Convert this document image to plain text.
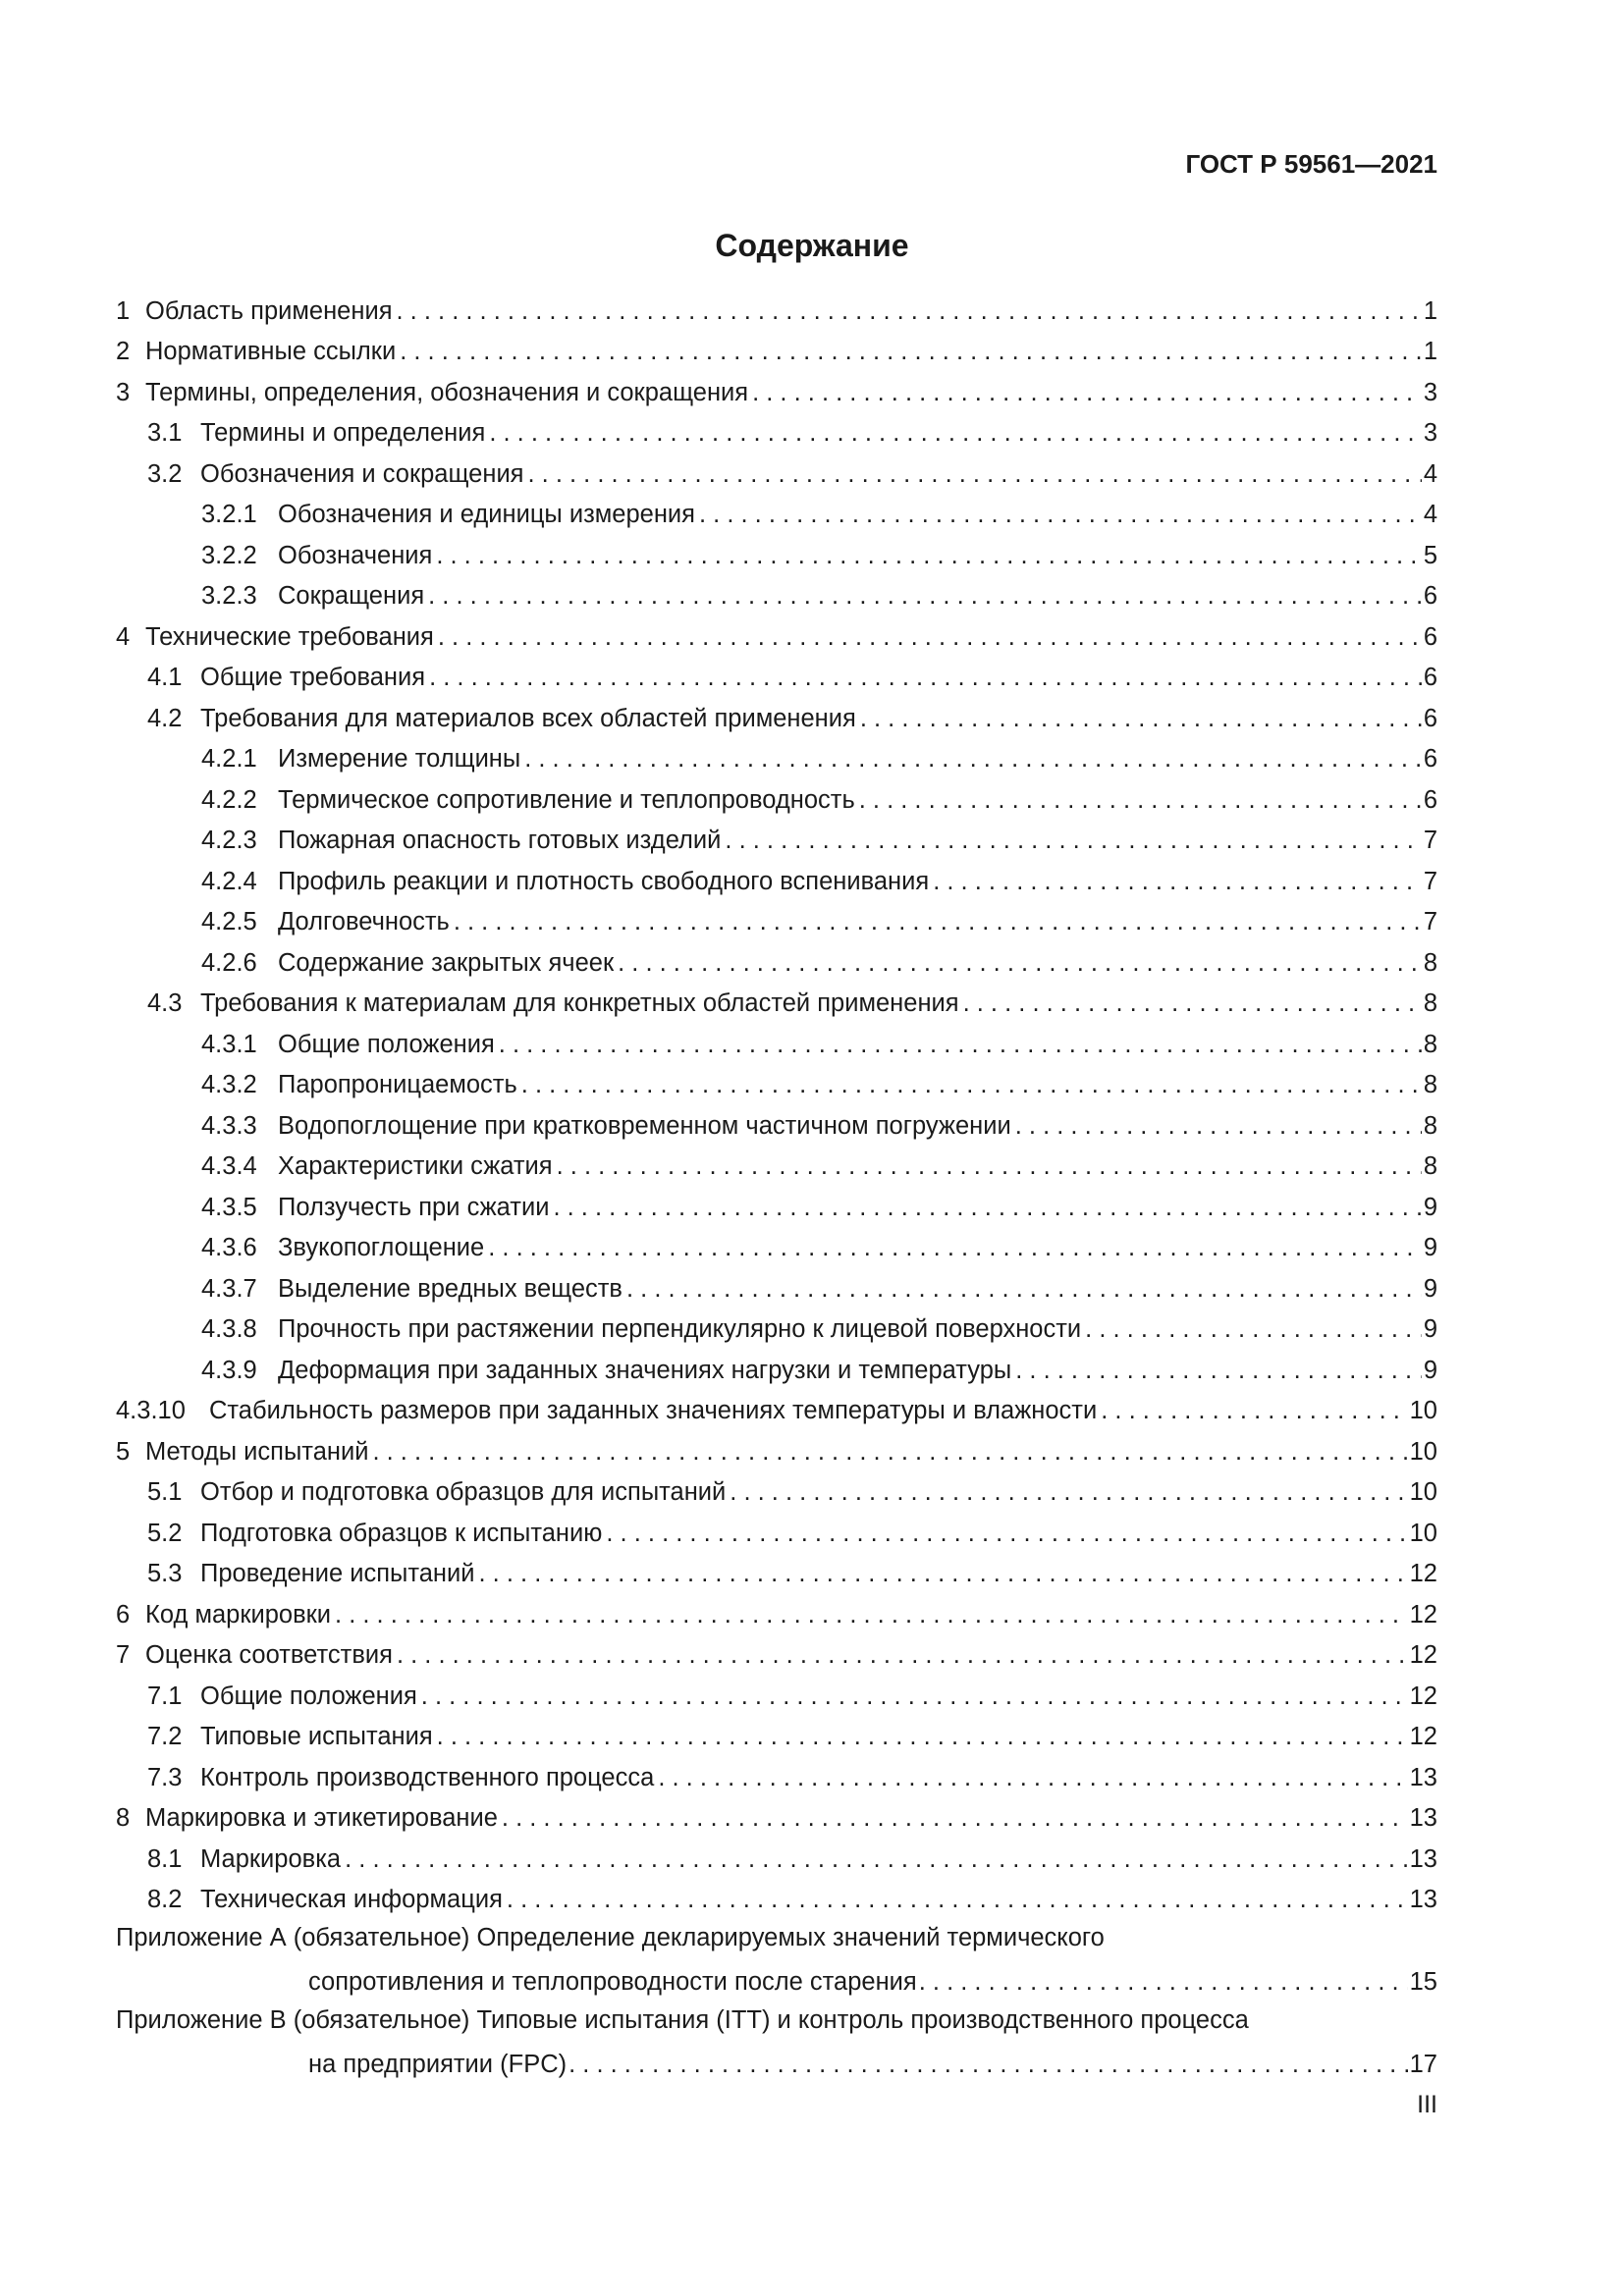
ГОСТ Р 59561—2021
Содержание
1 Область применения . . .	1
2 Нормативные ссылки . . .	1
3 Термины, определения, обозначения и сокращения . . .	3
3.1 Термины и определения . . .	3
3.2 Обозначения и сокращения . . .	4
3.2.1 Обозначения и единицы измерения . . .	4
3.2.2 Обозначения . . .	5
3.2.3 Сокращения . . .	6
4 Технические требования . . .	6
4.1 Общие требования . . .	6
4.2 Требования для материалов всех областей применения . . .	6
4.2.1 Измерение толщины . . .	6
4.2.2 Термическое сопротивление и теплопроводность . . .	6
4.2.3 Пожарная опасность готовых изделий . . .	7
4.2.4 Профиль реакции и плотность свободного вспенивания . . .	7
4.2.5 Долговечность . . .	7
4.2.6 Содержание закрытых ячеек . . .	8
4.3 Требования к материалам для конкретных областей применения . . .	8
4.3.1 Общие положения . . .	8
4.3.2 Паропроницаемость . . .	8
4.3.3 Водопоглощение при кратковременном частичном погружении . . .	8
4.3.4 Характеристики сжатия . . .	8
4.3.5 Ползучесть при сжатии . . .	9
4.3.6 Звукопоглощение . . .	9
4.3.7 Выделение вредных веществ . . .	9
4.3.8 Прочность при растяжении перпендикулярно к лицевой поверхности . . .	9
4.3.9 Деформация при заданных значениях нагрузки и температуры . . .	9
4.3.10 Стабильность размеров при заданных значениях температуры и влажности . . .	10
5 Методы испытаний . . .	10
5.1 Отбор и подготовка образцов для испытаний . . .	10
5.2 Подготовка образцов к испытанию . . .	10
5.3 Проведение испытаний . . .	12
6 Код маркировки . . .	12
7 Оценка соответствия . . .	12
7.1 Общие положения . . .	12
7.2 Типовые испытания . . .	12
7.3 Контроль производственного процесса . . .	13
8 Маркировка и этикетирование . . .	13
8.1 Маркировка . . .	13
8.2 Техническая информация . . .	13
Приложение А (обязательное) Определение декларируемых значений термического
сопротивления и теплопроводности после старения . . .	15
Приложение В (обязательное) Типовые испытания (ITT) и контроль производственного процесса
на предприятии (FPC) . . .	17
III
